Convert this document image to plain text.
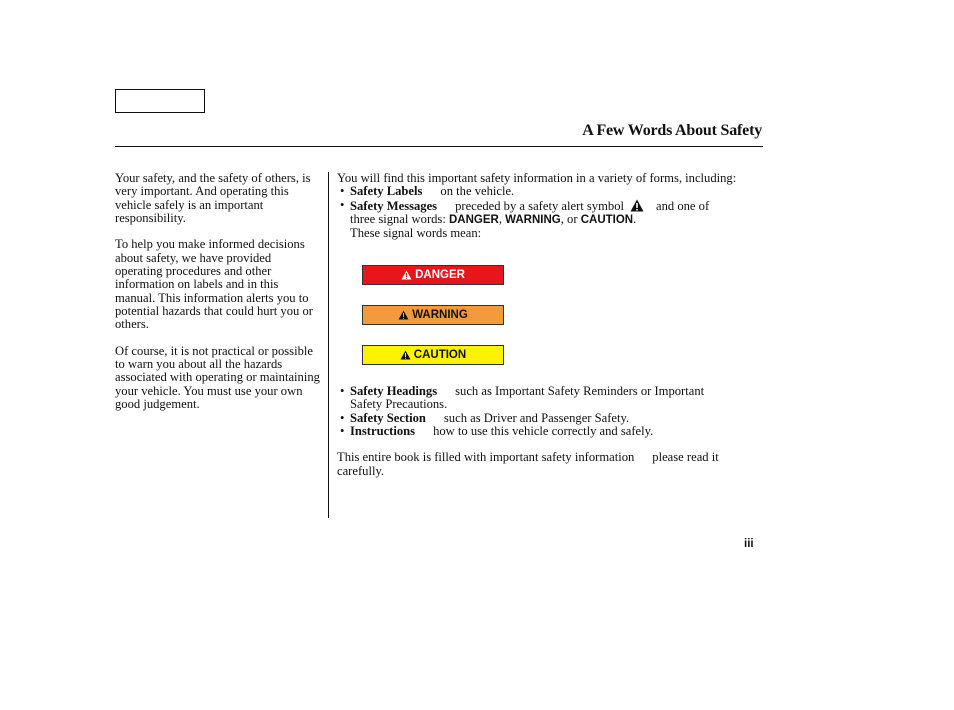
A Few Words About Safety

Your safety, and the safety of others, is very important. And operating this vehicle safely is an important responsibility.

To help you make informed decisions about safety, we have provided operating procedures and other information on labels and in this manual. This information alerts you to potential hazards that could hurt you or others.

Of course, it is not practical or possible to warn you about all the hazards associated with operating or maintaining your vehicle. You must use your own good judgement.

You will find this important safety information in a variety of forms, including:

• Safety Labels on the vehicle.

• Safety Messages preceded by a safety alert symbol	and one of
three signal words: DANGER, WARNING, or CAUTION.
These signal words mean:

DANGER
WARNING
CAUTION

• Safety Headings such as Important Safety Reminders or Important
Safety Precautions.

• Safety Section such as Driver and Passenger Safety.

• Instructions how to use this vehicle correctly and safely.

This entire book is filled with important safety information please read it
carefully.

iii
